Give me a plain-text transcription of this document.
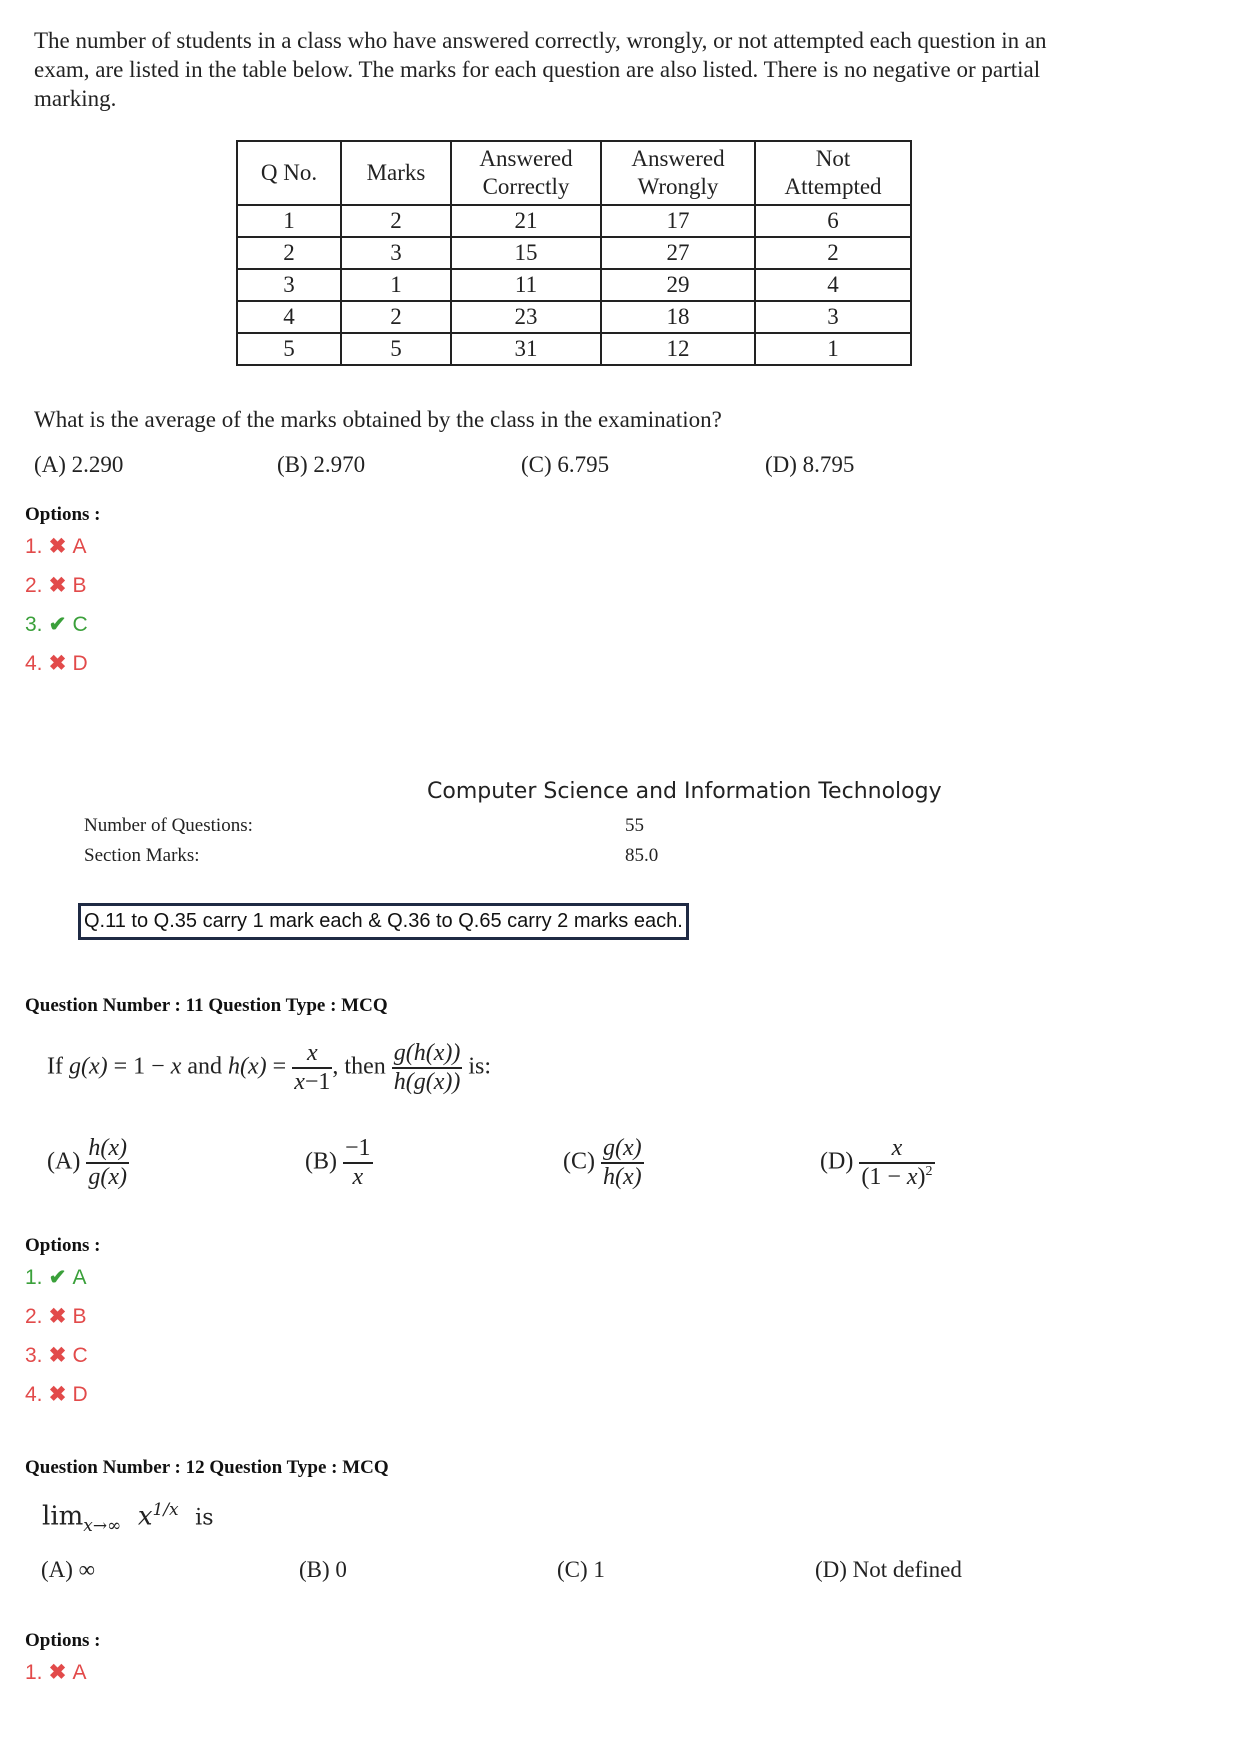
The number of students in a class who have answered correctly, wrongly, or not attempted each question in an exam, are listed in the table below. The marks for each question are also listed. There is no negative or partial marking.
Q No.	Marks	Answered Correctly	Answered Wrongly	Not Attempted
1	2	21	17	6
2	3	15	27	2
3	1	11	29	4
4	2	23	18	3
5	5	31	12	1
What is the average of the marks obtained by the class in the examination?
(A) 2.290	(B) 2.970	(C) 6.795	(D) 8.795
Options :
1. ✖ A
2. ✖ B
3. ✔ C
4. ✖ D
Computer Science and Information Technology
Number of Questions:	55
Section Marks:	85.0
Q.11 to Q.35 carry 1 mark each & Q.36 to Q.65 carry 2 marks each.
Question Number : 11 Question Type : MCQ
If g(x) = 1 − x and $h(x) = \frac{x}{x-1}$ , then $\frac{g(h(x))}{h(g(x))}$ is:
$(A) \frac{h(x)}{g(x)}$	$(B) \frac{-1}{x}$	$(C) \frac{g(x)}{h(x)}$	$(D) \frac{x}{(1 - x)^2}$
Options :
1. ✔ A
2. ✖ B
3. ✖ C
4. ✖ D
Question Number : 12 Question Type : MCQ
$\lim_{x\to\infty} x^{1/x}$ is
(A) ∞	(B) 0	(C) 1	(D) Not defined
Options :
1. ✖ A
